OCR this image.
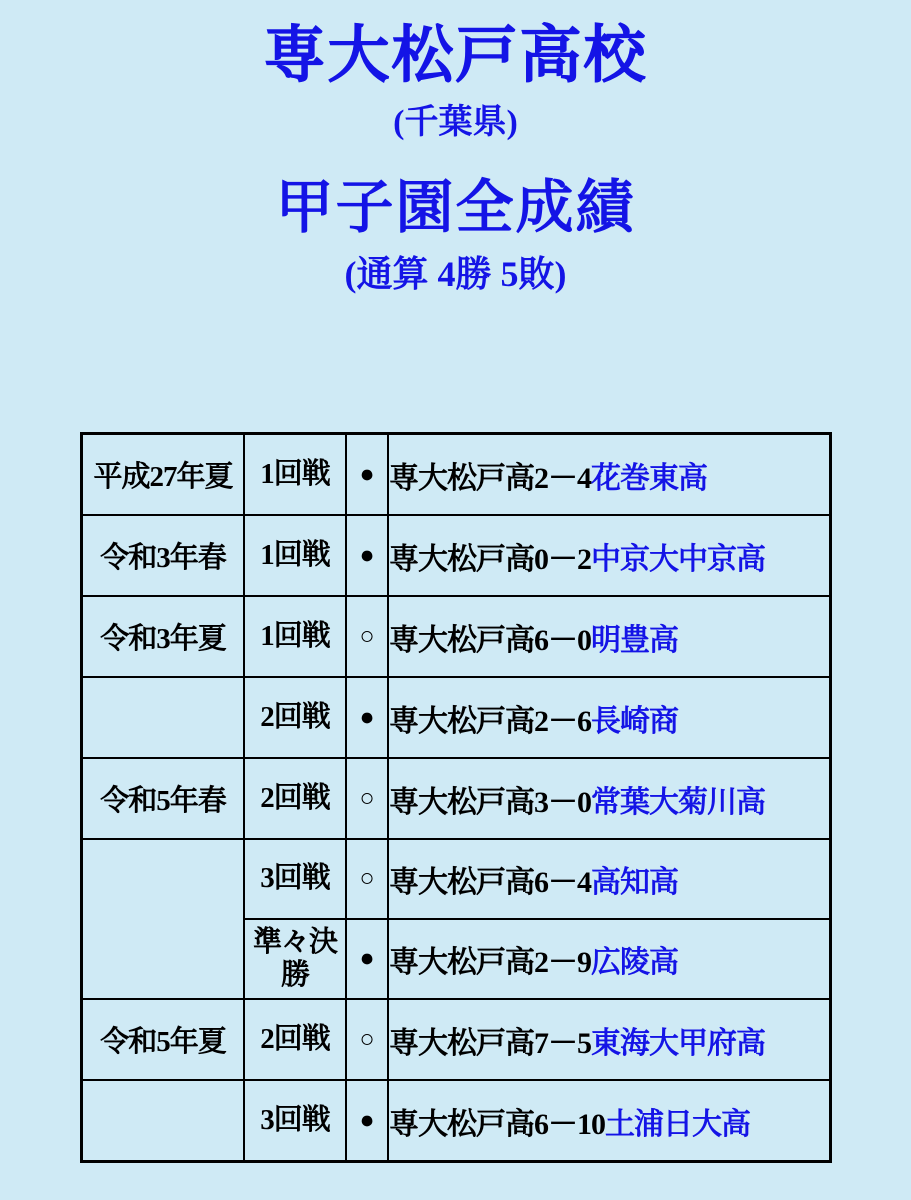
専大松戸高校
(千葉県)
甲子園全成績
(通算 4勝 5敗)
平成27年夏	1回戦	●	専大松戸高2－4花巻東高
令和3年春	1回戦	●	専大松戸高0－2中京大中京高
令和3年夏	1回戦	○	専大松戸高6－0明豊高
	2回戦	●	専大松戸高2－6長崎商
令和5年春	2回戦	○	専大松戸高3－0常葉大菊川高
	3回戦	○	専大松戸高6－4高知高
	準々決勝	●	専大松戸高2－9広陵高
令和5年夏	2回戦	○	専大松戸高7－5東海大甲府高
	3回戦	●	専大松戸高6－10土浦日大高
